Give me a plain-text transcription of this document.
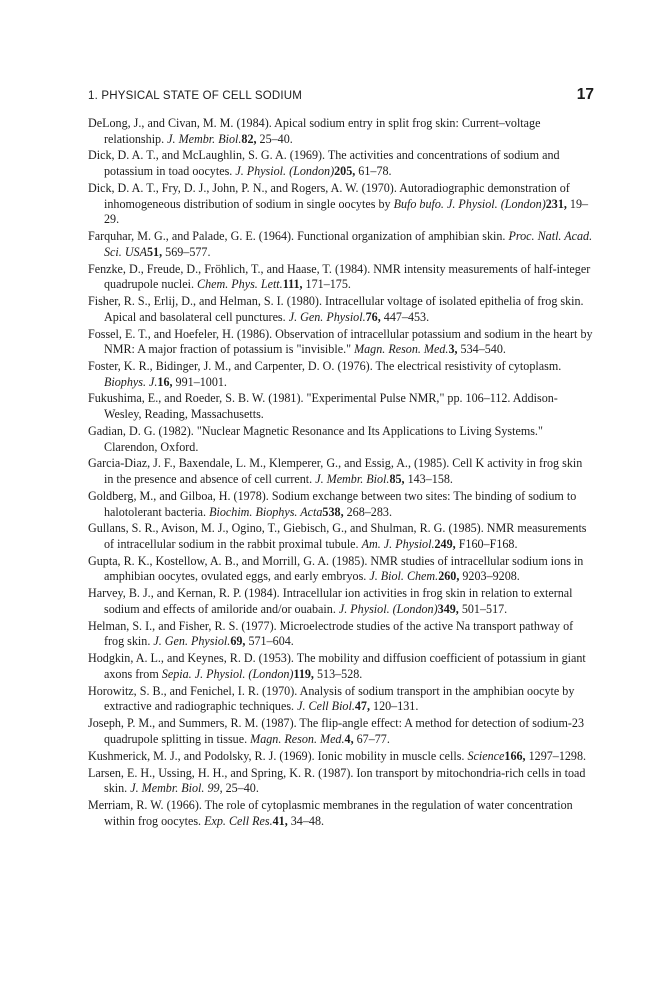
1. PHYSICAL STATE OF CELL SODIUM	17

DeLong, J., and Civan, M. M. (1984). Apical sodium entry in split frog skin: Current–voltage relationship. J. Membr. Biol.82, 25–40.

Dick, D. A. T., and McLaughlin, S. G. A. (1969). The activities and concentrations of sodium and potassium in toad oocytes. J. Physiol. (London)205, 61–78.

Dick, D. A. T., Fry, D. J., John, P. N., and Rogers, A. W. (1970). Autoradiographic demonstration of inhomogeneous distribution of sodium in single oocytes by Bufo bufo. J. Physiol. (London)231, 19–29.

Farquhar, M. G., and Palade, G. E. (1964). Functional organization of amphibian skin. Proc. Natl. Acad. Sci. USA51, 569–577.

Fenzke, D., Freude, D., Fröhlich, T., and Haase, T. (1984). NMR intensity measurements of half-integer quadrupole nuclei. Chem. Phys. Lett.111, 171–175.

Fisher, R. S., Erlij, D., and Helman, S. I. (1980). Intracellular voltage of isolated epithelia of frog skin. Apical and basolateral cell punctures. J. Gen. Physiol.76, 447–453.

Fossel, E. T., and Hoefeler, H. (1986). Observation of intracellular potassium and sodium in the heart by NMR: A major fraction of potassium is "invisible." Magn. Reson. Med.3, 534–540.

Foster, K. R., Bidinger, J. M., and Carpenter, D. O. (1976). The electrical resistivity of cytoplasm. Biophys. J.16, 991–1001.

Fukushima, E., and Roeder, S. B. W. (1981). "Experimental Pulse NMR," pp. 106–112. Addison-Wesley, Reading, Massachusetts.

Gadian, D. G. (1982). "Nuclear Magnetic Resonance and Its Applications to Living Systems." Clarendon, Oxford.

Garcia-Diaz, J. F., Baxendale, L. M., Klemperer, G., and Essig, A., (1985). Cell K activity in frog skin in the presence and absence of cell current. J. Membr. Biol.85, 143–158.

Goldberg, M., and Gilboa, H. (1978). Sodium exchange between two sites: The binding of sodium to halotolerant bacteria. Biochim. Biophys. Acta538, 268–283.

Gullans, S. R., Avison, M. J., Ogino, T., Giebisch, G., and Shulman, R. G. (1985). NMR measurements of intracellular sodium in the rabbit proximal tubule. Am. J. Physiol.249, F160–F168.

Gupta, R. K., Kostellow, A. B., and Morrill, G. A. (1985). NMR studies of intracellular sodium ions in amphibian oocytes, ovulated eggs, and early embryos. J. Biol. Chem.260, 9203–9208.

Harvey, B. J., and Kernan, R. P. (1984). Intracellular ion activities in frog skin in relation to external sodium and effects of amiloride and/or ouabain. J. Physiol. (London)349, 501–517.

Helman, S. I., and Fisher, R. S. (1977). Microelectrode studies of the active Na transport pathway of frog skin. J. Gen. Physiol.69, 571–604.

Hodgkin, A. L., and Keynes, R. D. (1953). The mobility and diffusion coefficient of potassium in giant axons from Sepia. J. Physiol. (London)119, 513–528.

Horowitz, S. B., and Fenichel, I. R. (1970). Analysis of sodium transport in the amphibian oocyte by extractive and radiographic techniques. J. Cell Biol.47, 120–131.

Joseph, P. M., and Summers, R. M. (1987). The flip-angle effect: A method for detection of sodium-23 quadrupole splitting in tissue. Magn. Reson. Med.4, 67–77.

Kushmerick, M. J., and Podolsky, R. J. (1969). Ionic mobility in muscle cells. Science166, 1297–1298.

Larsen, E. H., Ussing, H. H., and Spring, K. R. (1987). Ion transport by mitochondria-rich cells in toad skin. J. Membr. Biol. 99, 25–40.

Merriam, R. W. (1966). The role of cytoplasmic membranes in the regulation of water concentration within frog oocytes. Exp. Cell Res.41, 34–48.
